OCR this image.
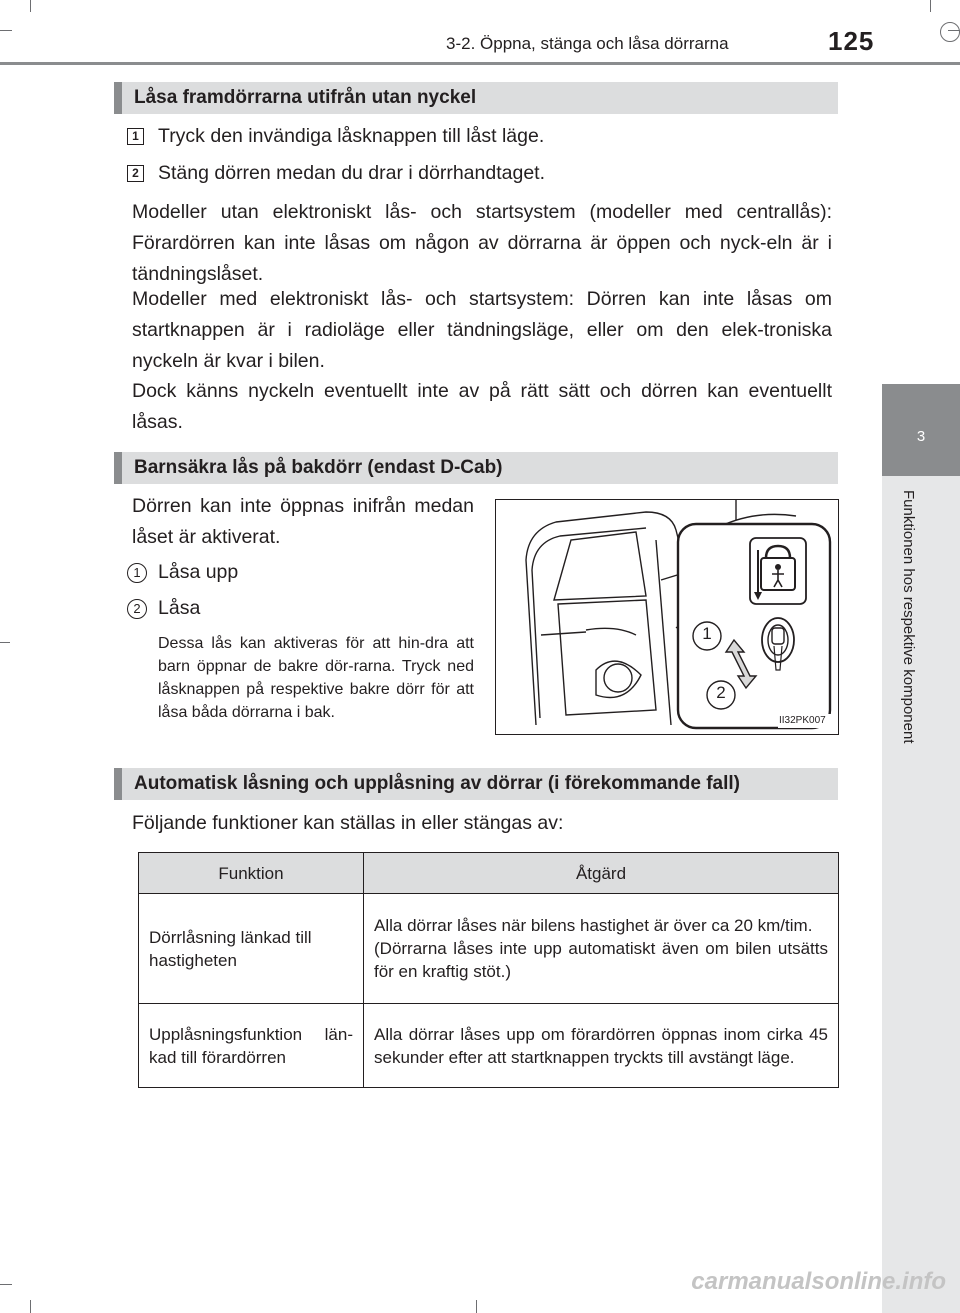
3-2. Öppna, stänga och låsa dörrarna	125
3
Funktionen hos respektive komponent
Låsa framdörrarna utifrån utan nyckel
1 Tryck den invändiga låsknappen till låst läge.
2 Stäng dörren medan du drar i dörrhandtaget.
Modeller utan elektroniskt lås- och startsystem (modeller med centrallås): Förardörren kan inte låsas om någon av dörrarna är öppen och nyck-eln är i tändningslåset.
Modeller med elektroniskt lås- och startsystem: Dörren kan inte låsas om startknappen är i radioläge eller tändningsläge, eller om den elek-troniska nyckeln är kvar i bilen.
Dock känns nyckeln eventuellt inte av på rätt sätt och dörren kan eventuellt låsas.
Barnsäkra lås på bakdörr (endast D-Cab)
Dörren kan inte öppnas inifrån medan låset är aktiverat.
1 Låsa upp
2 Låsa
Dessa lås kan aktiveras för att hin-dra att barn öppnar de bakre dör-rarna. Tryck ned låsknappen på respektive bakre dörr för att låsa båda dörrarna i bak.
1
2
II32PK007
Automatisk låsning och upplåsning av dörrar (i förekommande fall)
Följande funktioner kan ställas in eller stängas av:
Funktion	Åtgärd
Dörrlåsning länkad till hastigheten	Alla dörrar låses när bilens hastighet är över ca 20 km/tim.
(Dörrarna låses inte upp automatiskt även om bilen utsätts för en kraftig stöt.)

Upplåsningsfunktion län-kad till förardörren	Alla dörrar låses upp om förardörren öppnas inom cirka 45 sekunder efter att startknappen tryckts till avstängt läge.
carmanualsonline.info
